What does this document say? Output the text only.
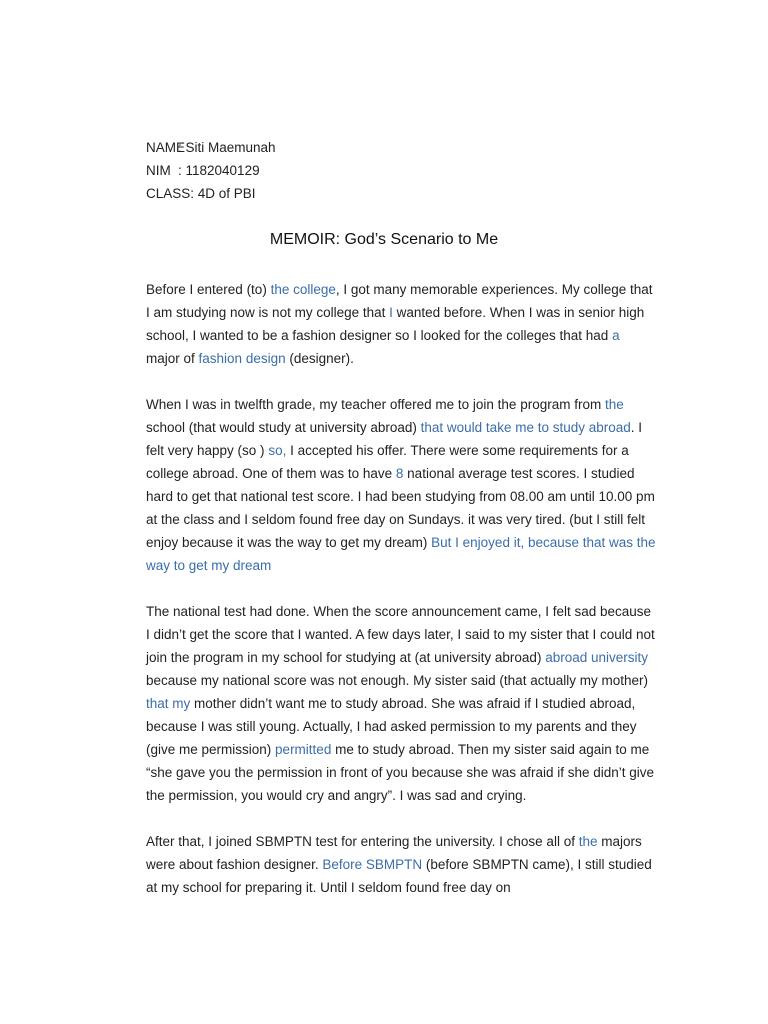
NAME
: Siti Maemunah
NIM : 1182040129
CLASS: 4D of PBI
MEMOIR: God’s Scenario to Me

Before I entered (to) the college, I got many memorable experiences. My college that I am studying now is not my college that I wanted before. When I was in senior high school, I wanted to be a fashion designer so I looked for the colleges that had a major of fashion design (designer).

When I was in twelfth grade, my teacher offered me to join the program from the school (that would study at university abroad) that would take me to study abroad. I felt very happy (so ) so, I accepted his offer. There were some requirements for a college abroad. One of them was to have 8 national average test scores. I studied hard to get that national test score. I had been studying from 08.00 am until 10.00 pm at the class and I seldom found free day on Sundays. it was very tired. (but I still felt enjoy because it was the way to get my dream) But I enjoyed it, because that was the way to get my dream

The national test had done. When the score announcement came, I felt sad because I didn’t get the score that I wanted. A few days later, I said to my sister that I could not join the program in my school for studying at (at university abroad) abroad university because my national score was not enough. My sister said (that actually my mother) that my mother didn’t want me to study abroad. She was afraid if I studied abroad, because I was still young. Actually, I had asked permission to my parents and they (give me permission) permitted me to study abroad. Then my sister said again to me “she gave you the permission in front of you because she was afraid if she didn’t give the permission, you would cry and angry”. I was sad and crying.

After that, I joined SBMPTN test for entering the university. I chose all of the majors were about fashion designer. Before SBMPTN (before SBMPTN came), I still studied at my school for preparing it. Until I seldom found free day on
